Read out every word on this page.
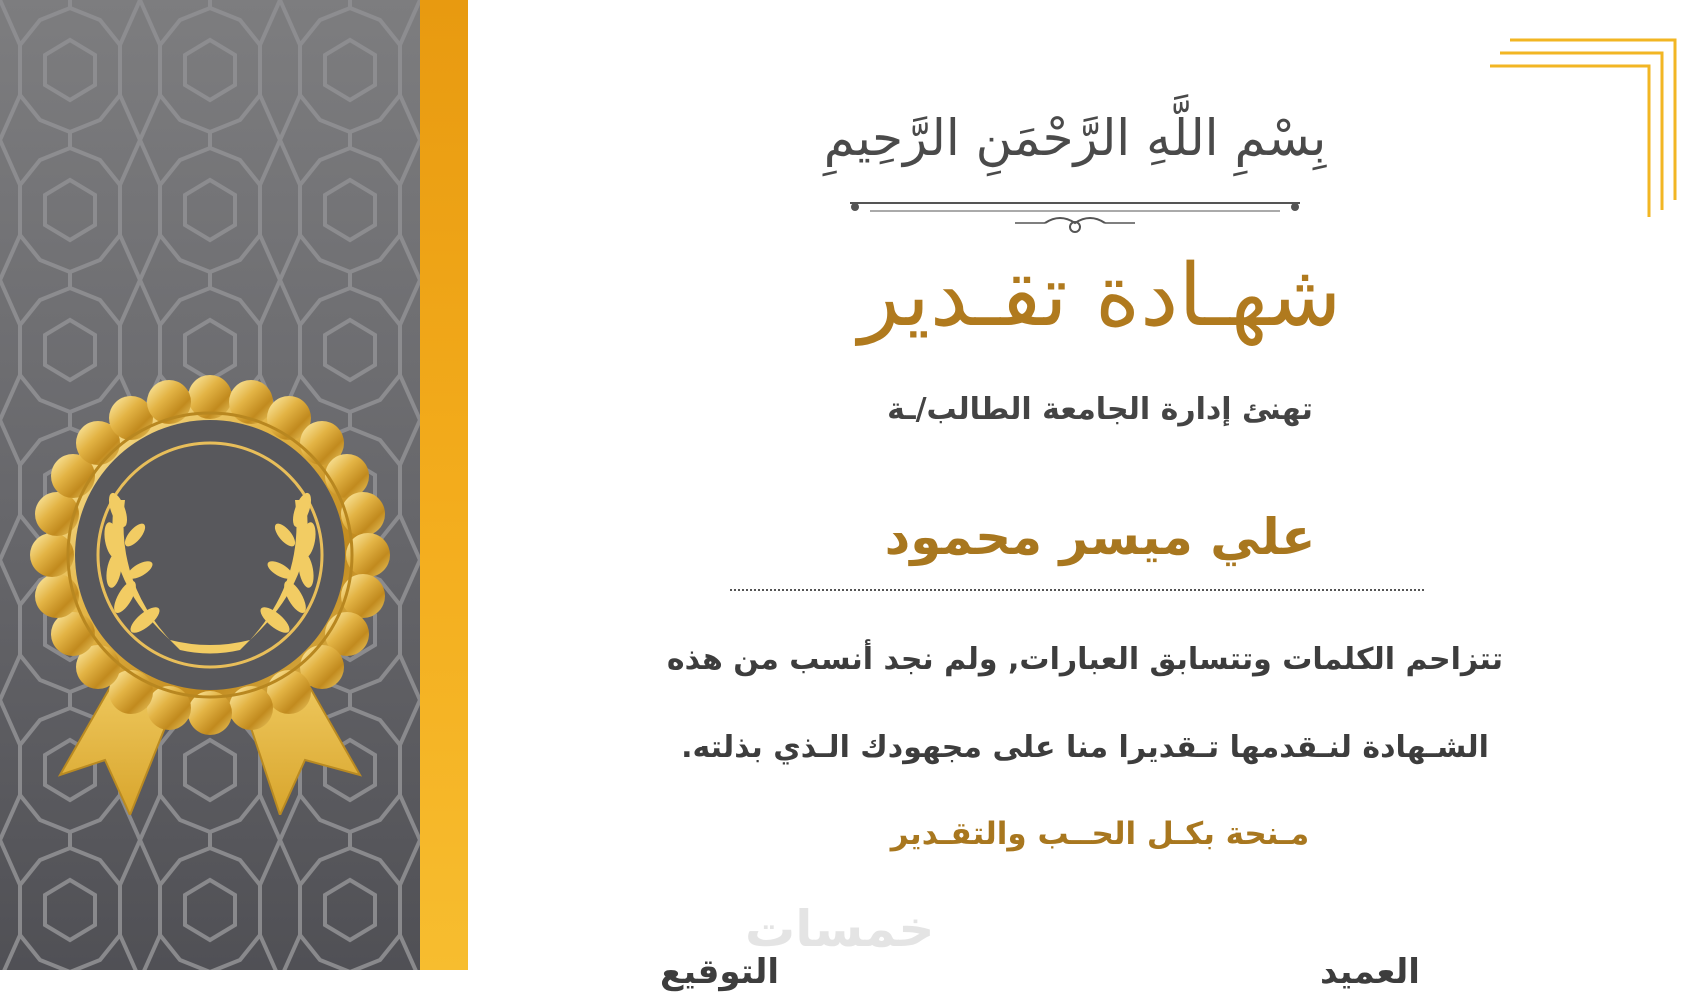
بِسْمِ اللَّهِ الرَّحْمَنِ الرَّحِيمِ
شهـادة تقـدير
تهنئ إدارة الجامعة الطالب/ـة
علي ميسر محمود
تتزاحم الكلمات وتتسابق العبارات, ولم نجد أنسب من هذه
الشـهادة لنـقدمها تـقديرا منا على مجهودك الـذي بذلته.
مـنحة بكـل الحــب والتقـدير
خمسات
التوقيع	العميد
